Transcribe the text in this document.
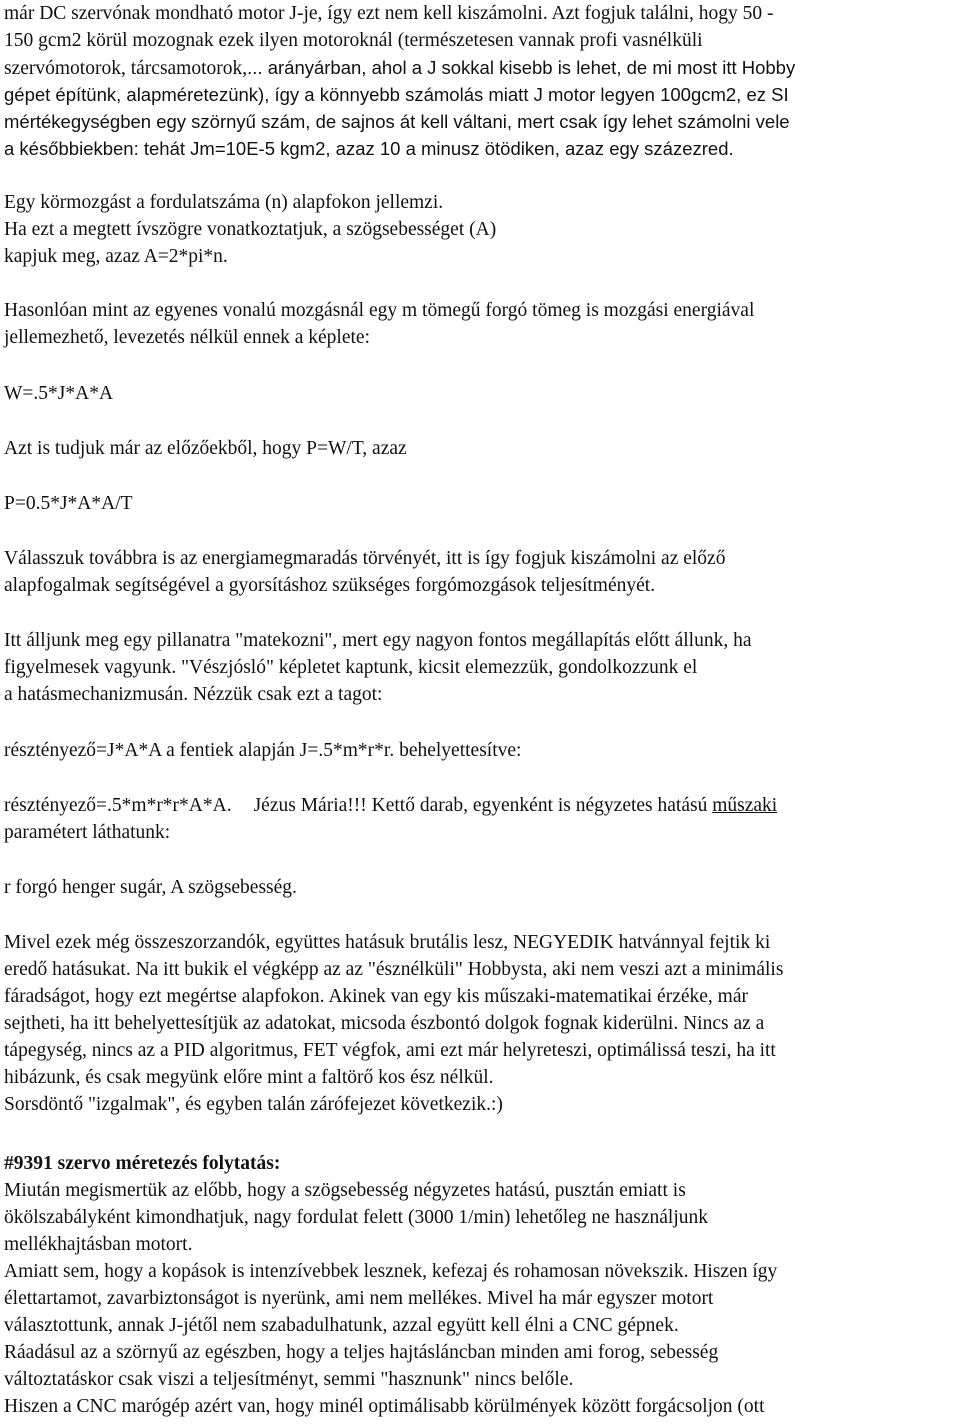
már DC szervónak mondható motor J-je, így ezt nem kell kiszámolni. Azt fogjuk találni, hogy 50 -
150 gcm2 körül mozognak ezek ilyen motoroknál (természetesen vannak profi vasnélküli
szervómotorok, tárcsamotorok,... arányárban, ahol a J sokkal kisebb is lehet, de mi most itt Hobby
gépet építünk, alapméretezünk), így a könnyebb számolás miatt J motor legyen 100gcm2, ez SI
mértékegységben egy szörnyű szám, de sajnos át kell váltani, mert csak így lehet számolni vele
a későbbiekben: tehát Jm=10E-5 kgm2, azaz 10 a minusz ötödiken, azaz egy százezred.
Egy körmozgást a fordulatszáma (n) alapfokon jellemzi.
Ha ezt a megtett ívszögre vonatkoztatjuk, a szögsebességet (A)
kapjuk meg, azaz A=2*pi*n.
Hasonlóan mint az egyenes vonalú mozgásnál egy m tömegű forgó tömeg is mozgási energiával
jellemezhető, levezetés nélkül ennek a képlete:
W=.5*J*A*A
Azt is tudjuk már az előzőekből, hogy P=W/T, azaz
P=0.5*J*A*A/T
Válasszuk továbbra is az energiamegmaradás törvényét, itt is így fogjuk kiszámolni az előző
alapfogalmak segítségével a gyorsításhoz szükséges forgómozgások teljesítményét.
Itt álljunk meg egy pillanatra "matekozni", mert egy nagyon fontos megállapítás előtt állunk, ha
figyelmesek vagyunk. "Vészjósló" képletet kaptunk, kicsit elemezzük, gondolkozzunk el
a hatásmechanizmusán. Nézzük csak ezt a tagot:
résztényező=J*A*A a fentiek alapján J=.5*m*r*r. behelyettesítve:
résztényező=.5*m*r*r*A*A. Jézus Mária!!! Kettő darab, egyenként is négyzetes hatású műszaki
paramétert láthatunk:
r forgó henger sugár, A szögsebesség.
Mivel ezek még összeszorzandók, együttes hatásuk brutális lesz, NEGYEDIK hatvánnyal fejtik ki
eredő hatásukat. Na itt bukik el végképp az az "észnélküli" Hobbysta, aki nem veszi azt a minimális
fáradságot, hogy ezt megértse alapfokon. Akinek van egy kis műszaki-matematikai érzéke, már
sejtheti, ha itt behelyettesítjük az adatokat, micsoda észbontó dolgok fognak kiderülni. Nincs az a
tápegység, nincs az a PID algoritmus, FET végfok, ami ezt már helyreteszi, optimálissá teszi, ha itt
hibázunk, és csak megyünk előre mint a faltörő kos ész nélkül.
Sorsdöntő "izgalmak", és egyben talán zárófejezet következik.:)
#9391 szervo méretezés folytatás:
Miután megismertük az előbb, hogy a szögsebesség négyzetes hatású, pusztán emiatt is
ökölszabályként kimondhatjuk, nagy fordulat felett (3000 1/min) lehetőleg ne használjunk
mellékhajtásban motort.
Amiatt sem, hogy a kopások is intenzívebbek lesznek, kefezaj és rohamosan növekszik. Hiszen így
élettartamot, zavarbiztonságot is nyerünk, ami nem mellékes. Mivel ha már egyszer motort
választottunk, annak J-jétől nem szabadulhatunk, azzal együtt kell élni a CNC gépnek.
Ráadásul az a szörnyű az egészben, hogy a teljes hajtásláncban minden ami forog, sebesség
változtatáskor csak viszi a teljesítményt, semmi "hasznunk" nincs belőle.
Hiszen a CNC marógép azért van, hogy minél optimálisabb körülmények között forgácsoljon (ott
